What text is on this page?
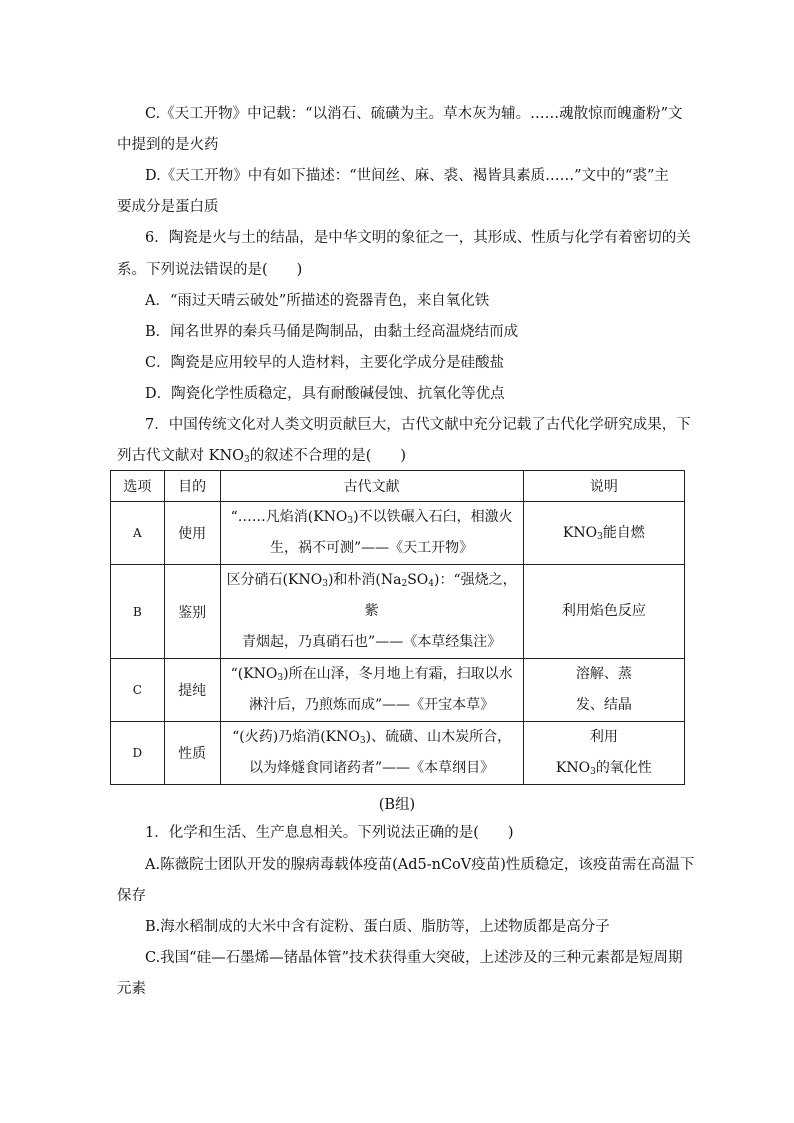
C.《天工开物》中记载：“以消石、硫磺为主。草木灰为辅。……魂散惊而魄齑粉”文
中提到的是火药
D.《天工开物》中有如下描述：“世间丝、麻、裘、褐皆具素质……”文中的“裘”主
要成分是蛋白质
6．陶瓷是火与土的结晶，是中华文明的象征之一，其形成、性质与化学有着密切的关
系。下列说法错误的是(　　)
A．“雨过天晴云破处”所描述的瓷器青色，来自氧化铁
B．闻名世界的秦兵马俑是陶制品，由黏土经高温烧结而成
C．陶瓷是应用较早的人造材料，主要化学成分是硅酸盐
D．陶瓷化学性质稳定，具有耐酸碱侵蚀、抗氧化等优点
7．中国传统文化对人类文明贡献巨大，古代文献中充分记载了古代化学研究成果，下
列古代文献对 $KNO_3$的叙述不合理的是(　　)
选项	目的	古代文献	说明
A	使用	“……凡焰消$(KNO_3)$不以铁碾入石臼，相激火
生，祸不可测”——《天工开物》	$KNO_3$能自燃
B	鉴别	区分硝石$(KNO_3)$和朴消$(Na_2SO_4)$：“强烧之，紫
青烟起，乃真硝石也”——《本草经集注》	利用焰色反应
C	提纯	“$(KNO_3)$所在山泽，冬月地上有霜，扫取以水
淋汁后，乃煎炼而成”——《开宝本草》	溶解、蒸
发、结晶
D	性质	“(火药)乃焰消$(KNO_3)$、硫磺、山木炭所合，
以为烽燧食同诸药者”——《本草纲目》	利用
$KNO_3$的氧化性
(B组)
1．化学和生活、生产息息相关。下列说法正确的是(　　)
A.陈薇院士团队开发的腺病毒载体疫苗(Ad5-nCoV疫苗)性质稳定，该疫苗需在高温下
保存
B.海水稻制成的大米中含有淀粉、蛋白质、脂肪等，上述物质都是高分子
C.我国“硅—石墨烯—锗晶体管”技术获得重大突破，上述涉及的三种元素都是短周期
元素
